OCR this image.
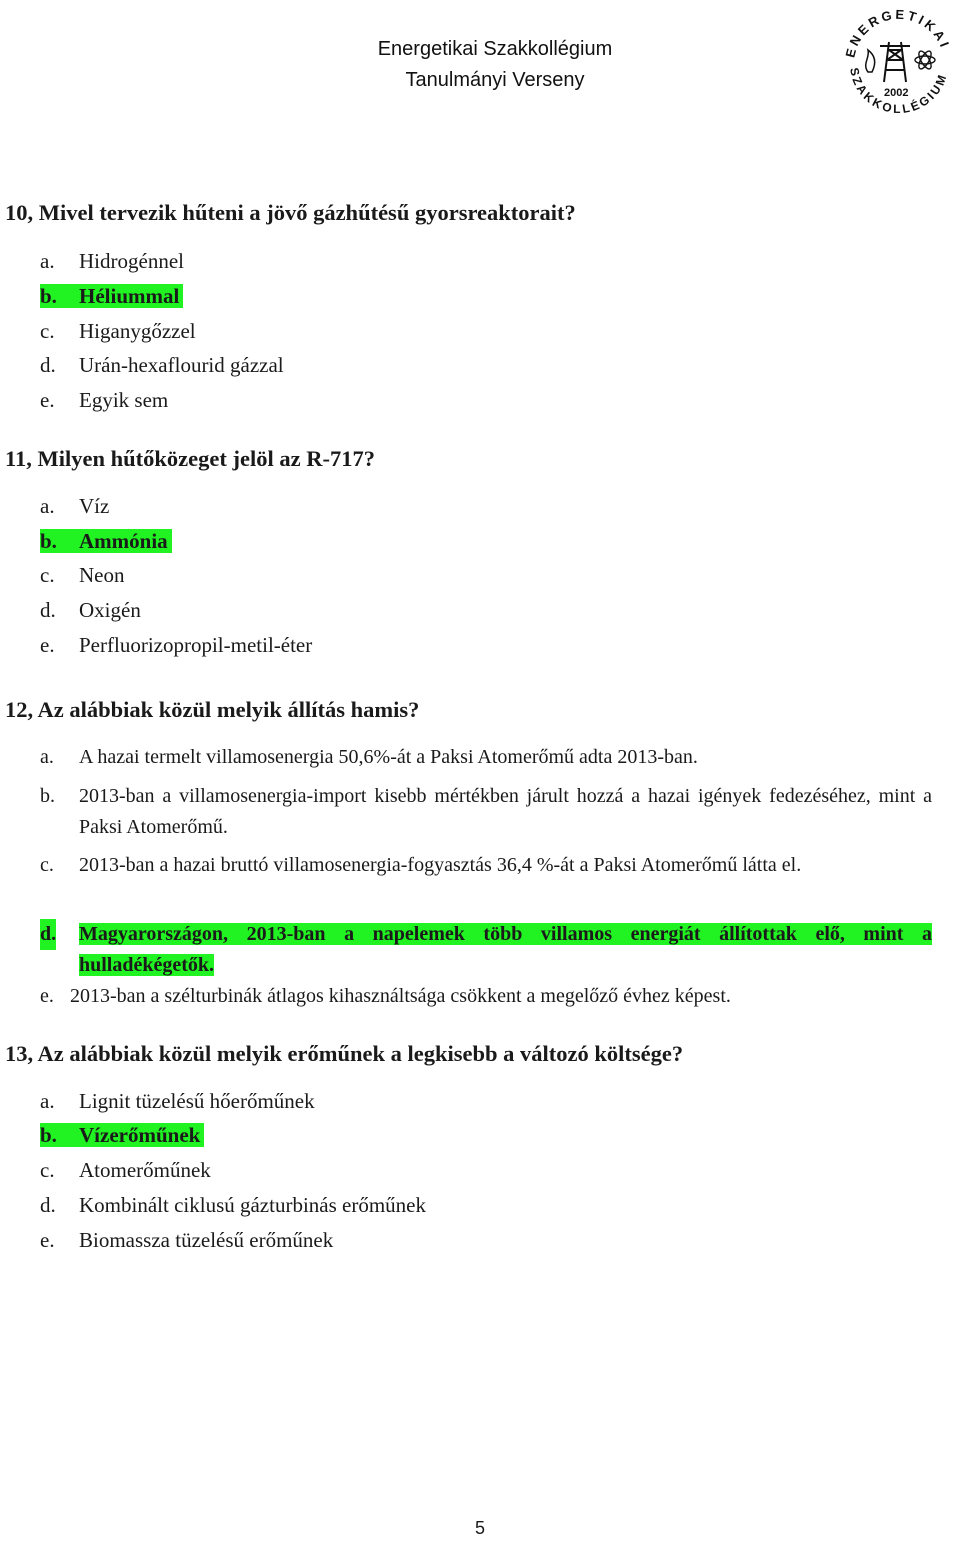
Energetikai Szakkollégium
Tanulmányi Verseny
ENERGETIKAI
SZAKKOLLÉGIUM
2002
10, Mivel tervezik hűteni a jövő gázhűtésű gyorsreaktorait?
a. Hidrogénnel
b. Héliummal
c. Higanygőzzel
d. Urán-hexaflourid gázzal
e. Egyik sem
11, Milyen hűtőközeget jelöl az R-717?
a. Víz
b. Ammónia
c. Neon
d. Oxigén
e. Perfluorizopropil-metil-éter
12, Az alábbiak közül melyik állítás hamis?
a. A hazai termelt villamosenergia 50,6%-át a Paksi Atomerőmű adta 2013-ban.
b. 2013-ban a villamosenergia-import kisebb mértékben járult hozzá a hazai igények fedezéséhez, mint a Paksi Atomerőmű.
c. 2013-ban a hazai bruttó villamosenergia-fogyasztás 36,4 %-át a Paksi Atomerőmű látta el.
d. Magyarországon, 2013-ban a napelemek több villamos energiát állítottak elő, mint a hulladékégetők.
e. 2013-ban a szélturbinák átlagos kihasználtsága csökkent a megelőző évhez képest.
13, Az alábbiak közül melyik erőműnek a legkisebb a változó költsége?
a. Lignit tüzelésű hőerőműnek
b. Vízerőműnek
c. Atomerőműnek
d. Kombinált ciklusú gázturbinás erőműnek
e. Biomassza tüzelésű erőműnek
5
